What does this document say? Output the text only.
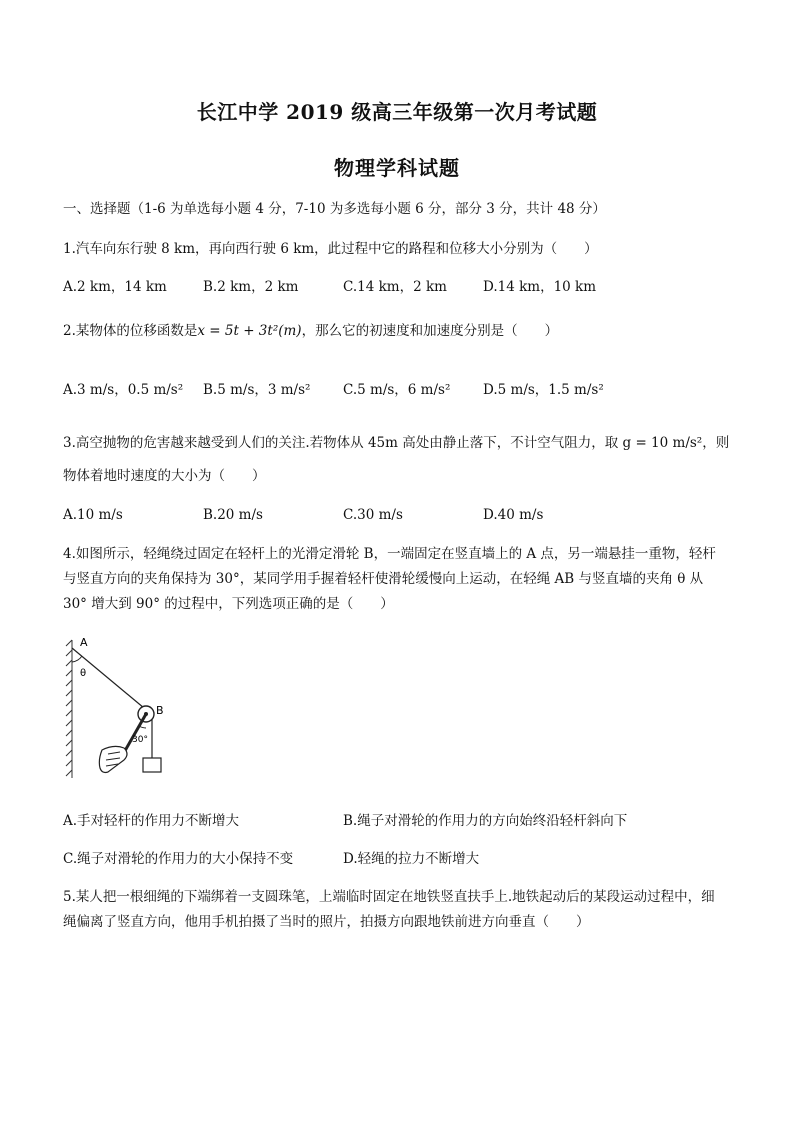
长江中学 2019 级高三年级第一次月考试题
物理学科试题
一、选择题（1-6 为单选每小题 4 分，7-10 为多选每小题 6 分，部分 3 分，共计 48 分）
1.汽车向东行驶 8 km，再向西行驶 6 km，此过程中它的路程和位移大小分别为（　　）
A.2 km，14 km	B.2 km，2 km	C.14 km，2 km	D.14 km，10 km
2.某物体的位移函数是x = 5t + 3t²(m)，那么它的初速度和加速度分别是（　　）
A.3 m/s，0.5 m/s² B.5 m/s，3 m/s² C.5 m/s，6 m/s² D.5 m/s，1.5 m/s²
3.高空抛物的危害越来越受到人们的关注.若物体从 45m 高处由静止落下，不计空气阻力，取 g = 10 m/s²，则
物体着地时速度的大小为（　　）
A.10 m/s	B.20 m/s	C.30 m/s	D.40 m/s
4.如图所示，轻绳绕过固定在轻杆上的光滑定滑轮 B，一端固定在竖直墙上的 A 点，另一端悬挂一重物，轻杆
与竖直方向的夹角保持为 30°，某同学用手握着轻杆使滑轮缓慢向上运动，在轻绳 AB 与竖直墙的夹角 θ 从
30° 增大到 90° 的过程中，下列选项正确的是（　　）
A
B
θ
30°
A.手对轻杆的作用力不断增大	B.绳子对滑轮的作用力的方向始终沿轻杆斜向下
C.绳子对滑轮的作用力的大小保持不变	D.轻绳的拉力不断增大
5.某人把一根细绳的下端绑着一支圆珠笔，上端临时固定在地铁竖直扶手上.地铁起动后的某段运动过程中，细
绳偏离了竖直方向，他用手机拍摄了当时的照片，拍摄方向跟地铁前进方向垂直（　　）
